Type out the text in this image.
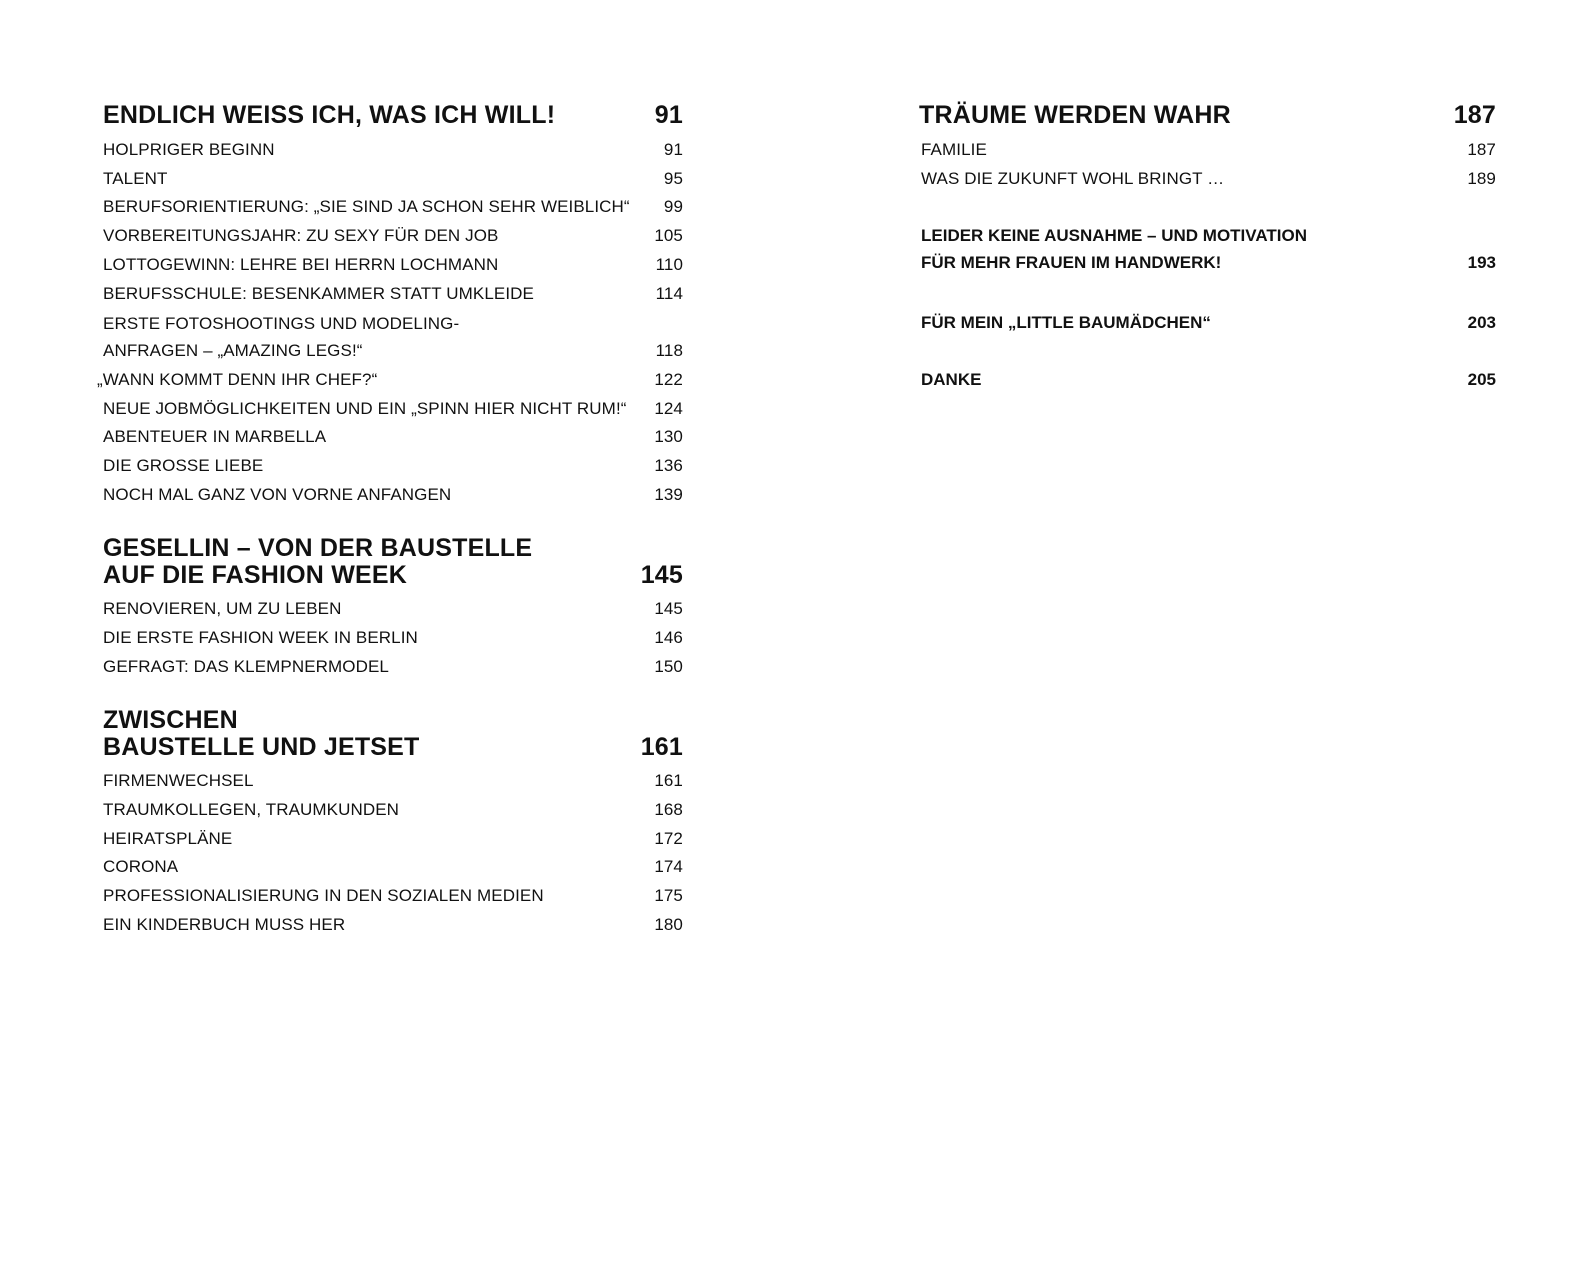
ENDLICH WEISS ICH, WAS ICH WILL!	91
HOLPRIGER BEGINN	91
TALENT	95
BERUFSORIENTIERUNG: „SIE SIND JA SCHON SEHR WEIBLICH“ 99
VORBEREITUNGSJAHR: ZU SEXY FÜR DEN JOB	105
LOTTOGEWINN: LEHRE BEI HERRN LOCHMANN	110
BERUFSSCHULE: BESENKAMMER STATT UMKLEIDE	114
ERSTE FOTOSHOOTINGS UND MODELING-
ANFRAGEN – „AMAZING LEGS!“	118
„WANN KOMMT DENN IHR CHEF?“	122
NEUE JOBMÖGLICHKEITEN UND EIN „SPINN HIER NICHT RUM!“ 124
ABENTEUER IN MARBELLA	130
DIE GROSSE LIEBE	136
NOCH MAL GANZ VON VORNE ANFANGEN	139
GESELLIN – VON DER BAUSTELLE
AUF DIE FASHION WEEK	145
RENOVIEREN, UM ZU LEBEN	145
DIE ERSTE FASHION WEEK IN BERLIN	146
GEFRAGT: DAS KLEMPNERMODEL	150
ZWISCHEN
BAUSTELLE UND JETSET	161
FIRMENWECHSEL	161
TRAUMKOLLEGEN, TRAUMKUNDEN	168
HEIRATSPLÄNE	172
CORONA	174
PROFESSIONALISIERUNG IN DEN SOZIALEN MEDIEN	175
EIN KINDERBUCH MUSS HER	180
TRÄUME WERDEN WAHR	187
FAMILIE	187
WAS DIE ZUKUNFT WOHL BRINGT …	189
LEIDER KEINE AUSNAHME – UND MOTIVATION
FÜR MEHR FRAUEN IM HANDWERK!	193
FÜR MEIN „LITTLE BAUMÄDCHEN“	203
DANKE	205
